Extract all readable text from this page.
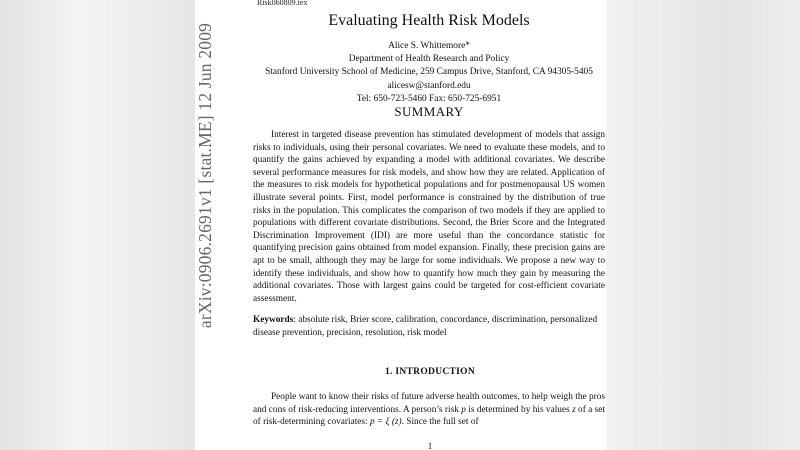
Risk060809.tex
arXiv:0906.2691v1 [stat.ME] 12 Jun 2009
Evaluating Health Risk Models
Alice S. Whittemore*
Department of Health Research and Policy
Stanford University School of Medicine, 259 Campus Drive, Stanford, CA 94305-5405
alicesw@stanford.edu
Tel: 650-723-5460 Fax: 650-725-6951
SUMMARY

Interest in targeted disease prevention has stimulated development of models that assign risks to individuals, using their personal covariates. We need to evaluate these models, and to quantify the gains achieved by expanding a model with additional covariates. We describe several performance measures for risk models, and show how they are related. Application of the measures to risk models for hypothetical populations and for postmenopausal US women illustrate several points. First, model performance is constrained by the distribution of true risks in the population. This complicates the comparison of two models if they are applied to populations with different covariate distributions. Second, the Brier Score and the Integrated Discrimination Improvement (IDI) are more useful than the concordance statistic for quantifying precision gains obtained from model expansion. Finally, these precision gains are apt to be small, although they may be large for some individuals. We propose a new way to identify these individuals, and show how to quantify how much they gain by measuring the additional covariates. Those with largest gains could be targeted for cost-efficient covariate assessment.

Keywords: absolute risk, Brier score, calibration, concordance, discrimination, personalized disease prevention, precision, resolution, risk model

1. INTRODUCTION

People want to know their risks of future adverse health outcomes, to help weigh the pros and cons of risk-reducing interventions. A person’s risk p is determined by his values z of a set of risk-determining covariates: p = ξ (z). Since the full set of

1
